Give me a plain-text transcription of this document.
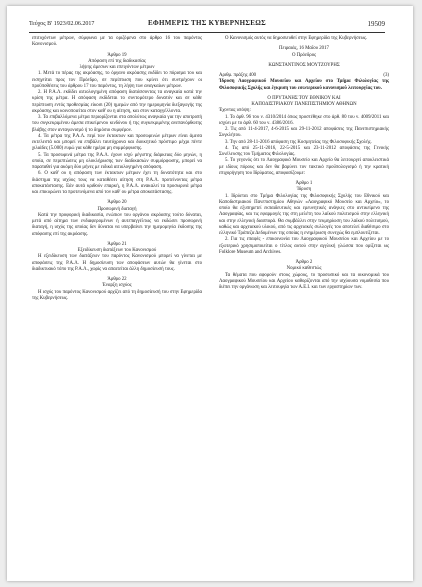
Τεύχος Β' 1923/02.06.2017	ΕΦΗΜΕΡΙΣ ΤΗΣ ΚΥΒΕΡΝΗΣΕΩΣ	19509

επιτυχόντων μέτρων, σύμφωνα με τα οριζόμενα στο άρθρο 16 του παρόντος Κανονισμού.

Άρθρο 19

Απόφαση επί της διαδικασίας

λήψης άμεσων και επειγόντων μέτρων

1. Μετά το πέρας της ακρόασης, το όργανο ακρόασης εκδίδει το πόρισμα του και εισηγείται προς τον Πρόεδρο, σε περίπτωση που κρίνει ότι συντρέχουν οι προϋποθέσεις του άρθρου 17 του παρόντος, τη λήψη των αναγκαίων μέτρων.

2. Η Ρ.Α.Λ. εκδίδει αιτιολογημένη απόφαση διατάσσοντας τα αναγκαία κατά την κρίση της μέτρα. Η απόφαση εκδίδεται το συντομότερο δυνατόν και σε κάθε περίπτωση εντός προθεσμίας είκοσι (20) ημερών από την ημερομηνία διεξαγωγής της ακρόασης και κοινοποιείται στον καθ' ου η αίτηση, και στον καταγγέλλοντα.

3. Τα επιβαλλόμενα μέτρα περιορίζονται στα απολύτως αναγκαία για την αποτροπή του συγκεκριμένου άμεσα επικείμενου κινδύνου ή της συγκεκριμένης ανεπανόρθωτης βλάβης στον ανταγωνισμό ή το δημόσιο συμφέρον.

4. Τα μέτρα της Ρ.Α.Λ. περί των έκτακτων και προσωρινών μέτρων είναι άμεσα εκτελεστά και μπορεί να επιβάλει ταυτόχρονα και διοικητικό πρόστιμο μέχρι πέντε χιλιάδες (5.000) ευρώ για κάθε ημέρα μη συμμόρφωσης.

5. Τα προσωρινά μέτρα της Ρ.Α.Λ. έχουν ισχύ μέγιστης διάρκειας δύο μηνών, η οποία, σε περιπτώσεις μη ολοκλήρωσης των διαδικασιών συμμόρφωσης, μπορεί να παραταθεί για ακόμη δύο μήνες με ειδικά αιτιολογημένη απόφαση.

6. Ο καθ' ου η απόφαση των έκτακτων μέτρων έχει τη δυνατότητα και στο διάστημα της ισχύος τους να καταθέσει αίτηση στη Ρ.Α.Λ. προτείνοντας μέτρα αποκατάστασης. Εάν αυτά κριθούν επαρκή, η Ρ.Α.Λ. ανακαλεί τα προσωρινά μέτρα και επικυρώνει τα προτεινόμενα από τον καθ' ου μέτρα αποκατάστασης.

Άρθρο 20

Προσωρινή διαταγή

Κατά την προφορική διαδικασία, ενώπιον του οργάνου ακρόασης τούτο δύναται, μετά από αίτημα των ενδιαφερομένων ή αυτεπαγγέλτως να εκδώσει προσωρινή διαταγή, η ισχύς της οποίας δεν δύναται να υπερβαίνει την ημερομηνία έκδοσης της απόφασης επί της ακρόασης.

Άρθρο 21

Εξειδίκευση διατάξεων του Κανονισμού

Η εξειδίκευση των διατάξεων του παρόντος Κανονισμού μπορεί να γίνεται με αποφάσεις της Ρ.Α.Λ. Η δημοσίευση των αποφάσεων αυτών θα γίνεται στο διαδικτυακό τόπο της Ρ.Α.Λ., χωρίς να απαιτείται άλλη δημοσίευσή τους.

Άρθρο 22

Έναρξη ισχύος

Η ισχύς του παρόντος Κανονισμού αρχίζει από τη δημοσίευσή του στην Εφημερίδα της Κυβερνήσεως.

Ο Κανονισμός αυτός να δημοσιευθεί στην Εφημερίδα της Κυβερνήσεως.

Πειραιάς, 16 Μαΐου 2017

Ο Πρόεδρος

ΚΩΝΣΤΑΝΤΙΝΟΣ ΜΟΥΤΖΟΥΡΗΣ

Αριθμ. πράξης 400	(3)

Ίδρυση Λαογραφικού Μουσείου και Αρχείου στο Τμήμα Φιλολογίας της Φιλοσοφικής Σχολής και έγκριση του εσωτερικού κανονισμού λειτουργίας του.

Ο ΠΡΥΤΑΝΗΣ ΤΟΥ ΕΘΝΙΚΟΥ ΚΑΙ

ΚΑΠΟΔΙΣΤΡΙΑΚΟΥ ΠΑΝΕΠΙΣΤΗΜΙΟΥ ΑΘΗΝΩΝ

Έχοντας υπόψη:

1. Το άρθ. 96 του ν. 4310/2014 όπως προστέθηκε στο άρθ. 80 του ν. 4009/2011 και ισχύει με το άρθ. 60 του ν. 4386/2016.

2. Τις από 11-4-2017, 4-6-2015 και 29-11-2012 αποφάσεις της Πανεπιστημιακής Συγκλήτου.

3. Την από 28-11-2016 απόφαση της Κοσμητείας της Φιλοσοφικής Σχολής.

4. Τις από 25-11-2016, 22-5-2015 και 23-11-2012 αποφάσεις της Γενικής Συνέλευσης του Τμήματος Φιλολογίας.

5. Το γεγονός ότι το Λαογραφικό Μουσείο και Αρχείο θα λειτουργεί αποκλειστικά με ιδίους πόρους και δεν θα βαρύνει τον τακτικό προϋπολογισμό ή την κρατική επιχορήγηση του Ιδρύματος, αποφασίζουμε:

Άρθρο 1

Ίδρυση

1. Ιδρύεται στο Τμήμα Φιλολογίας της Φιλοσοφικής Σχολής του Εθνικού και Καποδιστριακού Πανεπιστημίου Αθηνών «Λαογραφικό Μουσείο και Αρχείο», το οποίο θα εξυπηρετεί εκπαιδευτικές και ερευνητικές ανάγκες στο αντικείμενο της Λαογραφίας, και τις εφαρμογές της στη μελέτη του λαϊκού πολιτισμού στην ελληνική και στην ελληνική διασπορά. Θα συμβάλλει στην τεκμηρίωση του λαϊκού πολιτισμού, καθώς και αρχειακού υλικού, από τις αρχειακές συλλογές του αποτελεί διαθέσιμο στο ελληνικό Τράπεζα Δεδομένων της οποίας η ενημέρωση συνεχώς θα εμπλουτίζεται.

2. Για τις επαφές - επικοινωνία του Λαογραφικού Μουσείου και Αρχείου με το εξωτερικό χρησιμοποιείται ο τίτλος αυτού στην αγγλική γλώσσα που ορίζεται ως Folklore Museum and Archives.

Άρθρο 2

Νομικό καθεστώς

Τα θέματα που αφορούν στους χώρους, το προσωπικό και τα οικονομικά του Λαογραφικού Μουσείου και Αρχείου καθορίζονται από την ισχύουσα νομοθεσία που διέπει την οργάνωση και λειτουργία των Α.Ε.Ι. και των εργαστηρίων των.
